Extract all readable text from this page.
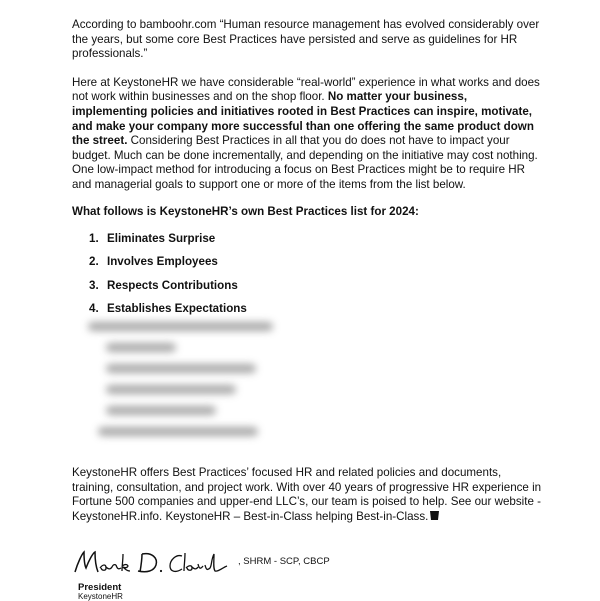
According to bamboohr.com “Human resource management has evolved considerably over the years, but some core Best Practices have persisted and serve as guidelines for HR professionals.”

Here at KeystoneHR we have considerable “real-world” experience in what works and does not work within businesses and on the shop floor. No matter your business, implementing policies and initiatives rooted in Best Practices can inspire, motivate, and make your company more successful than one offering the same product down the street. Considering Best Practices in all that you do does not have to impact your budget. Much can be done incrementally, and depending on the initiative may cost nothing. One low-impact method for introducing a focus on Best Practices might be to require HR and managerial goals to support one or more of the items from the list below.

What follows is KeystoneHR’s own Best Practices list for 2024:

1. Eliminates Surprise
2. Involves Employees
3. Respects Contributions
4. Establishes Expectations

KeystoneHR offers Best Practices’ focused HR and related policies and documents, training, consultation, and project work. With over 40 years of progressive HR experience in Fortune 500 companies and upper-end LLC’s, our team is poised to help. See our website - KeystoneHR.info. KeystoneHR – Best-in-Class helping Best-in-Class.

, SHRM - SCP, CBCP
President
KeystoneHR
